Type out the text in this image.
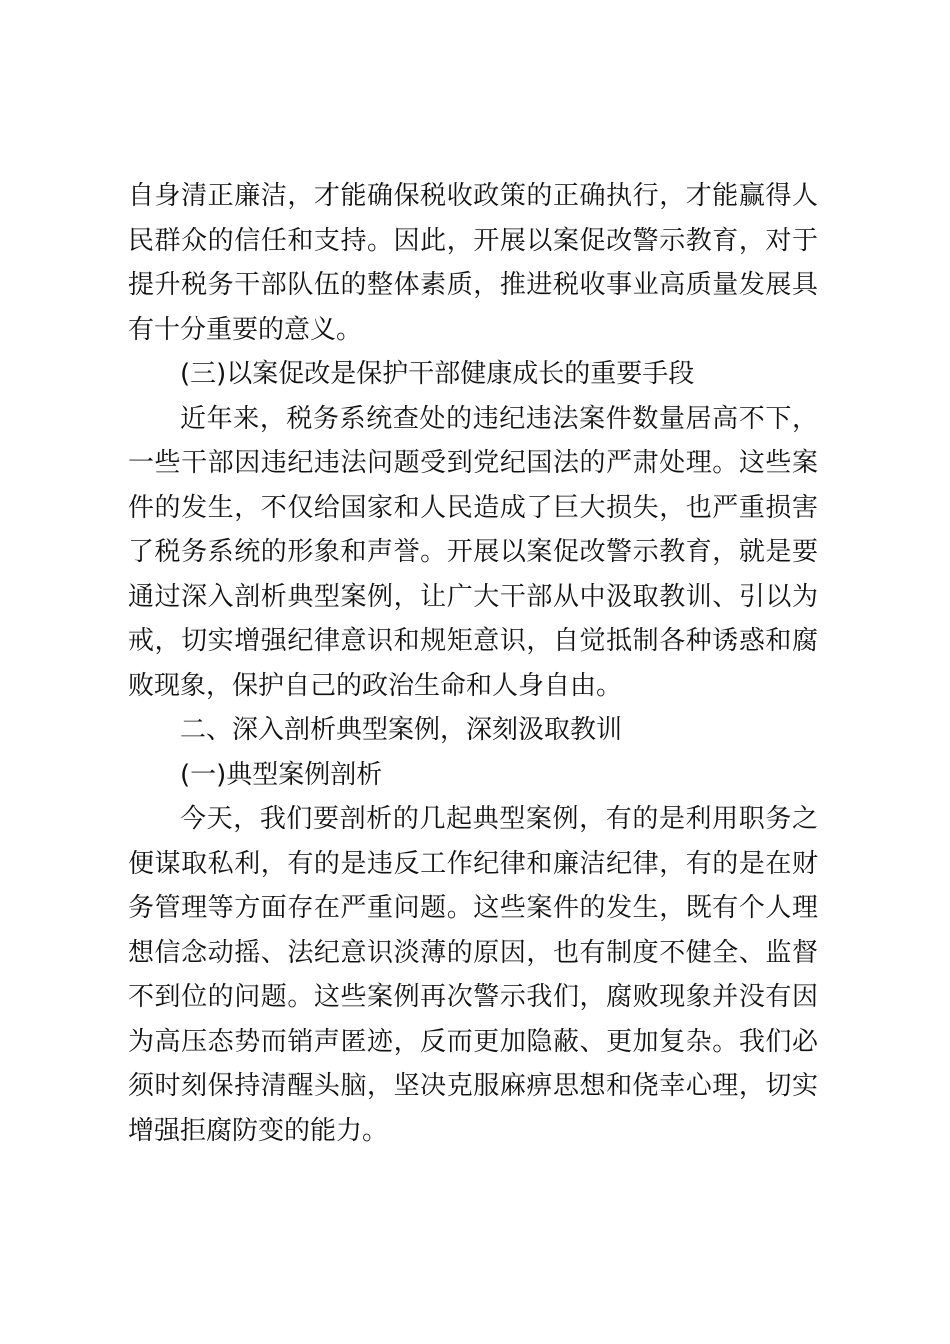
自身清正廉洁，才能确保税收政策的正确执行，才能赢得人民群众的信任和支持。因此，开展以案促改警示教育，对于提升税务干部队伍的整体素质，推进税收事业高质量发展具有十分重要的意义。

(三)以案促改是保护干部健康成长的重要手段

近年来，税务系统查处的违纪违法案件数量居高不下，一些干部因违纪违法问题受到党纪国法的严肃处理。这些案件的发生，不仅给国家和人民造成了巨大损失，也严重损害了税务系统的形象和声誉。开展以案促改警示教育，就是要通过深入剖析典型案例，让广大干部从中汲取教训、引以为戒，切实增强纪律意识和规矩意识，自觉抵制各种诱惑和腐败现象，保护自己的政治生命和人身自由。

二、深入剖析典型案例，深刻汲取教训

(一)典型案例剖析

今天，我们要剖析的几起典型案例，有的是利用职务之便谋取私利，有的是违反工作纪律和廉洁纪律，有的是在财务管理等方面存在严重问题。这些案件的发生，既有个人理想信念动摇、法纪意识淡薄的原因，也有制度不健全、监督不到位的问题。这些案例再次警示我们，腐败现象并没有因为高压态势而销声匿迹，反而更加隐蔽、更加复杂。我们必须时刻保持清醒头脑，坚决克服麻痹思想和侥幸心理，切实增强拒腐防变的能力。
